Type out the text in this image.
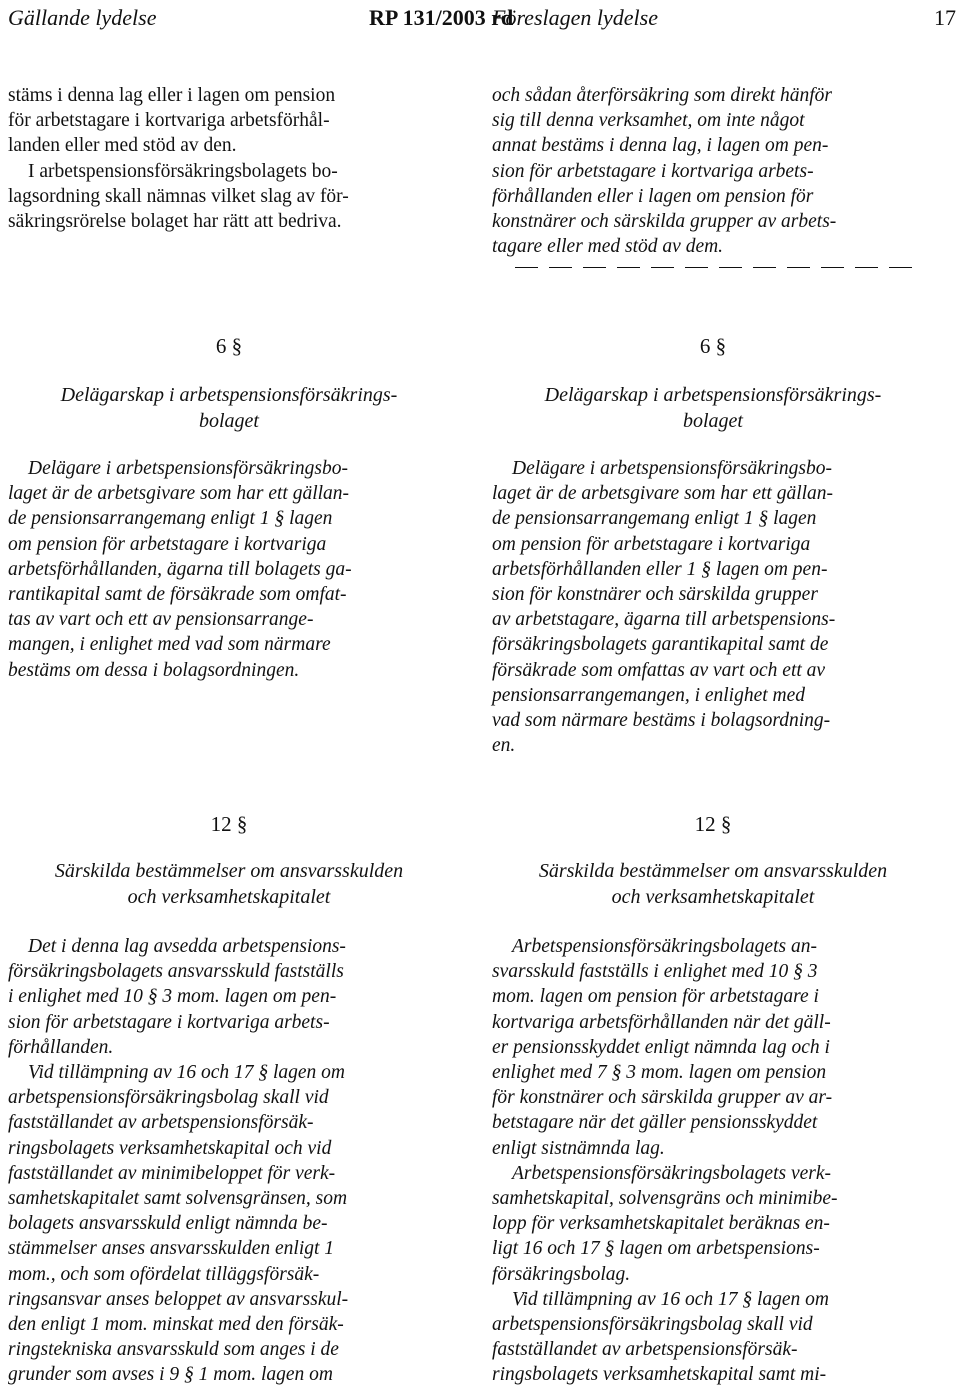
Gällande lydelse	RP 131/2003 rd
Föreslagen lydelse	17

stäms i denna lag eller i lagen om pension

för arbetstagare i kortvariga arbetsförhål-

landen eller med stöd av den.

I arbetspensionsförsäkringsbolagets bo-

lagsordning skall nämnas vilket slag av för-

säkringsrörelse bolaget har rätt att bedriva.

6 §
Delägarskap i arbetspensionsförsäkrings-
bolaget

Delägare i arbetspensionsförsäkringsbo-

laget är de arbetsgivare som har ett gällan-

de pensionsarrangemang enligt 1 § lagen

om pension för arbetstagare i kortvariga

arbetsförhållanden, ägarna till bolagets ga-

rantikapital samt de försäkrade som omfat-

tas av vart och ett av pensionsarrange-

mangen, i enlighet med vad som närmare

bestäms om dessa i bolagsordningen.

12 §
Särskilda bestämmelser om ansvarsskulden
och verksamhetskapitalet

Det i denna lag avsedda arbetspensions-

försäkringsbolagets ansvarsskuld fastställs

i enlighet med 10 § 3 mom. lagen om pen-

sion för arbetstagare i kortvariga arbets-

förhållanden.

Vid tillämpning av 16 och 17 § lagen om

arbetspensionsförsäkringsbolag skall vid

fastställandet av arbetspensionsförsäk-

ringsbolagets verksamhetskapital och vid

fastställandet av minimibeloppet för verk-

samhetskapitalet samt solvensgränsen, som

bolagets ansvarsskuld enligt nämnda be-

stämmelser anses ansvarsskulden enligt 1

mom., och som ofördelat tilläggsförsäk-

ringsansvar anses beloppet av ansvarsskul-

den enligt 1 mom. minskat med den försäk-

ringstekniska ansvarsskuld som anges i de

grunder som avses i 9 § 1 mom. lagen om

och sådan återförsäkring som direkt hänför

sig till denna verksamhet, om inte något

annat bestäms i denna lag, i lagen om pen-

sion för arbetstagare i kortvariga arbets-

förhållanden eller i lagen om pension för

konstnärer och särskilda grupper av arbets-

tagare eller med stöd av dem.

6 §
Delägarskap i arbetspensionsförsäkrings-
bolaget

Delägare i arbetspensionsförsäkringsbo-

laget är de arbetsgivare som har ett gällan-

de pensionsarrangemang enligt 1 § lagen

om pension för arbetstagare i kortvariga

arbetsförhållanden eller 1 § lagen om pen-

sion för konstnärer och särskilda grupper

av arbetstagare, ägarna till arbetspensions-

försäkringsbolagets garantikapital samt de

försäkrade som omfattas av vart och ett av

pensionsarrangemangen, i enlighet med

vad som närmare bestäms i bolagsordning-

en.

12 §
Särskilda bestämmelser om ansvarsskulden
och verksamhetskapitalet

Arbetspensionsförsäkringsbolagets an-

svarsskuld fastställs i enlighet med 10 § 3

mom. lagen om pension för arbetstagare i

kortvariga arbetsförhållanden när det gäll-

er pensionsskyddet enligt nämnda lag och i

enlighet med 7 § 3 mom. lagen om pension

för konstnärer och särskilda grupper av ar-

betstagare när det gäller pensionsskyddet

enligt sistnämnda lag.

Arbetspensionsförsäkringsbolagets verk-

samhetskapital, solvensgräns och minimibe-

lopp för verksamhetskapitalet beräknas en-

ligt 16 och 17 § lagen om arbetspensions-

försäkringsbolag.

Vid tillämpning av 16 och 17 § lagen om

arbetspensionsförsäkringsbolag skall vid

fastställandet av arbetspensionsförsäk-

ringsbolagets verksamhetskapital samt mi-
